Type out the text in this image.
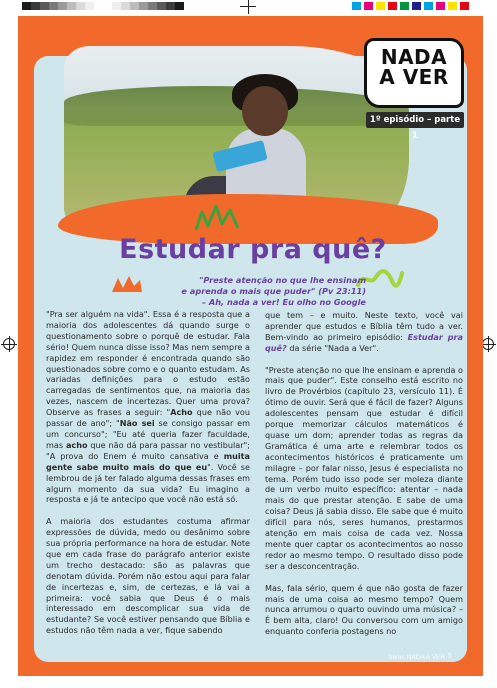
NADA
A VER
1º episódio – parte 1
Estudar pra quê?
"Preste atenção no que lhe ensinam
e aprenda o mais que puder" (Pv 23:11)
– Ah, nada a ver! Eu olho no Google

"Pra ser alguém na vida". Essa é a resposta que a maioria dos adolescentes dá quando surge o questionamento sobre o porquê de estudar. Fala sério! Quem nunca disse isso? Mas nem sempre a rapidez em responder é encontrada quando são questionados sobre como e o quanto estudam. As variadas definições para o estudo estão carregadas de sentimentos que, na maioria das vezes, nascem de incertezas. Quer uma prova? Observe as frases a seguir: "Acho que não vou passar de ano"; "Não sei se consigo passar em um concurso"; "Eu até queria fazer faculdade, mas acho que não dá para passar no vestibular"; "A prova do Enem é muito cansativa e muita gente sabe muito mais do que eu". Você se lembrou de já ter falado alguma dessas frases em algum momento da sua vida? Eu imagino a resposta e já te antecipo que você não está só.

A maioria dos estudantes costuma afirmar expressões de dúvida, medo ou desânimo sobre sua própria performance na hora de estudar. Note que em cada frase do parágrafo anterior existe um trecho destacado: são as palavras que denotam dúvida. Porém não estou aqui para falar de incertezas e, sim, de certezas, e lá vai a primeira: você sabia que Deus é o mais interessado em descomplicar sua vida de estudante? Se você estiver pensando que Bíblia e estudos não têm nada a ver, fique sabendo

que tem – e muito. Neste texto, você vai aprender que estudos e Bíblia têm tudo a ver. Bem-vindo ao primeiro episódio: Estudar pra quê? da série "Nada a Ver".

"Preste atenção no que lhe ensinam e aprenda o mais que puder". Este conselho está escrito no livro de Provérbios (capítulo 23, versículo 11). É ótimo de ouvir. Será que é fácil de fazer? Alguns adolescentes pensam que estudar é difícil porque memorizar cálculos matemáticos é quase um dom; aprender todas as regras da Gramática é uma arte e relembrar todos os acontecimentos históricos é praticamente um milagre – por falar nisso, Jesus é especialista no tema. Porém tudo isso pode ser moleza diante de um verbo muito específico: atentar – nada mais do que prestar atenção. E sabe de uma coisa? Deus já sabia disso. Ele sabe que é muito difícil para nós, seres humanos, prestarmos atenção em mais coisa de cada vez. Nossa mente quer captar os acontecimentos ao nosso redor ao mesmo tempo. O resultado disso pode ser a desconcentração.

Mas, fala sério, quem é que não gosta de fazer mais de uma coisa ao mesmo tempo? Quem nunca arrumou o quarto ouvindo uma música? – É bem alta, claro! Ou conversou com um amigo enquanto conferia postagens no

Série: NADA A VER 5
